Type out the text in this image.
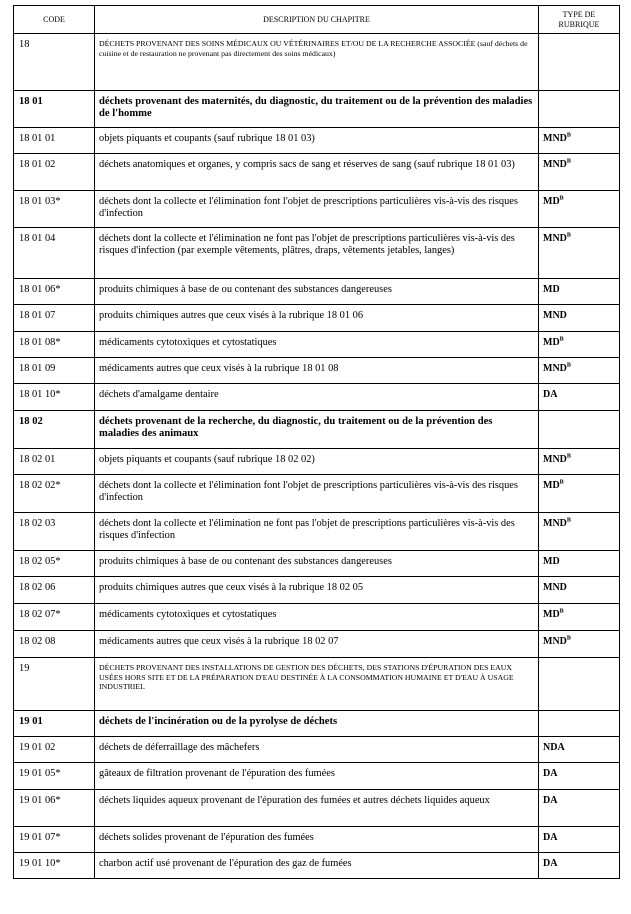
CODE	DESCRIPTION DU CHAPITRE	TYPE DE
RUBRIQUE
18	DÉCHETS PROVENANT DES SOINS MÉDICAUX OU VÉTÉRINAIRES ET/OU DE LA RECHERCHE ASSOCIÉE (sauf déchets de cuisine et de restauration ne provenant pas directement des soins médicaux)	
18 01	déchets provenant des maternités, du diagnostic, du traitement ou de la prévention des maladies de l'homme	
18 01 01	objets piquants et coupants (sauf rubrique 18 01 03)	$MND^B$
18 01 02	déchets anatomiques et organes, y compris sacs de sang et réserves de sang (sauf rubrique 18 01 03)	$MND^B$
18 01 03*	déchets dont la collecte et l'élimination font l'objet de prescriptions particulières vis-à-vis des risques d'infection	$MD^B$
18 01 04	déchets dont la collecte et l'élimination ne font pas l'objet de prescriptions particulières vis-à-vis des risques d'infection (par exemple vêtements, plâtres, draps, vêtements jetables, langes)	$MND^B$
18 01 06*	produits chimiques à base de ou contenant des substances dangereuses	MD
18 01 07	produits chimiques autres que ceux visés à la rubrique 18 01 06	MND
18 01 08*	médicaments cytotoxiques et cytostatiques	$MD^B$
18 01 09	médicaments autres que ceux visés à la rubrique 18 01 08	$MND^B$
18 01 10*	déchets d'amalgame dentaire	DA
18 02	déchets provenant de la recherche, du diagnostic, du traitement ou de la prévention des maladies des animaux	
18 02 01	objets piquants et coupants (sauf rubrique 18 02 02)	$MND^B$
18 02 02*	déchets dont la collecte et l'élimination font l'objet de prescriptions particulières vis-à-vis des risques d'infection	$MD^B$
18 02 03	déchets dont la collecte et l'élimination ne font pas l'objet de prescriptions particulières vis-à-vis des risques d'infection	$MND^B$
18 02 05*	produits chimiques à base de ou contenant des substances dangereuses	MD
18 02 06	produits chimiques autres que ceux visés à la rubrique 18 02 05	MND
18 02 07*	médicaments cytotoxiques et cytostatiques	$MD^B$
18 02 08	médicaments autres que ceux visés à la rubrique 18 02 07	$MND^B$
19	DÉCHETS PROVENANT DES INSTALLATIONS DE GESTION DES DÉCHETS, DES STATIONS D'ÉPURATION DES EAUX USÉES HORS SITE ET DE LA PRÉPARATION D'EAU DESTINÉE À LA CONSOMMATION HUMAINE ET D'EAU À USAGE INDUSTRIEL	
19 01	déchets de l'incinération ou de la pyrolyse de déchets	
19 01 02	déchets de déferraillage des mâchefers	NDA
19 01 05*	gâteaux de filtration provenant de l'épuration des fumées	DA
19 01 06*	déchets liquides aqueux provenant de l'épuration des fumées et autres déchets liquides aqueux	DA
19 01 07*	déchets solides provenant de l'épuration des fumées	DA
19 01 10*	charbon actif usé provenant de l'épuration des gaz de fumées	DA
